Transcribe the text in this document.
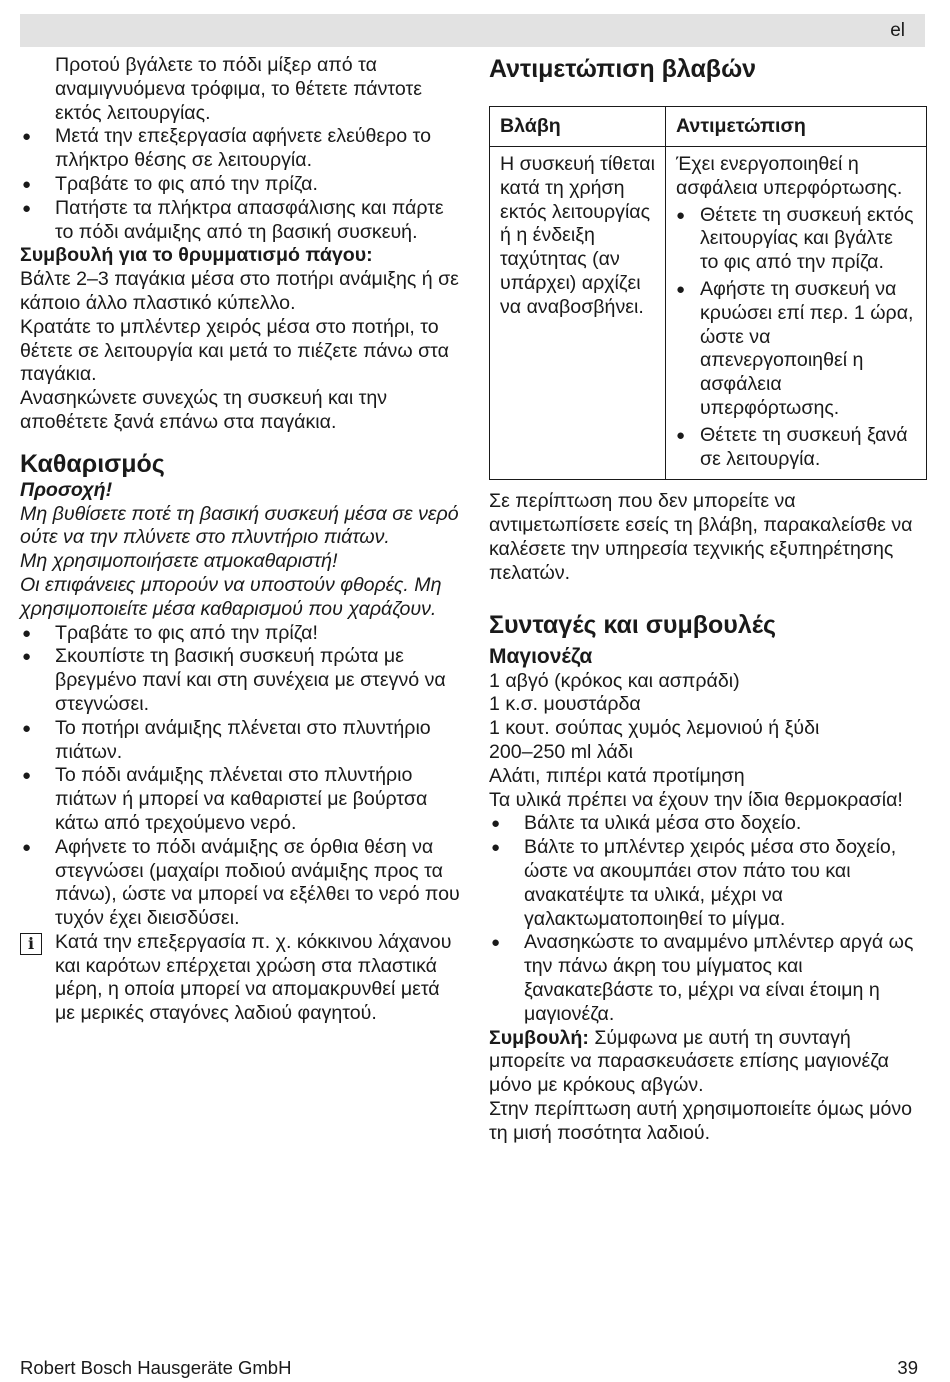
el

Προτού βγάλετε το πόδι μίξερ από τα αναμιγνυόμενα τρόφιμα, το θέτετε πάντοτε εκτός λειτουργίας.

● Μετά την επεξεργασία αφήνετε ελεύθερο το πλήκτρο θέσης σε λειτουργία.
● Τραβάτε το φις από την πρίζα.
● Πατήστε τα πλήκτρα απασφάλισης και πάρτε το πόδι ανάμιξης από τη βασική συσκευή.

Συμβουλή για το θρυμματισμό πάγου:

Βάλτε 2–3 παγάκια μέσα στο ποτήρι ανάμιξης ή σε κάποιο άλλο πλαστικό κύπελλο.

Κρατάτε το μπλέντερ χειρός μέσα στο ποτήρι, το θέτετε σε λειτουργία και μετά το πιέζετε πάνω στα παγάκια.

Ανασηκώνετε συνεχώς τη συσκευή και την αποθέτετε ξανά επάνω στα παγάκια.

Καθαρισμός

Προσοχή!

Μη βυθίσετε ποτέ τη βασική συσκευή μέσα σε νερό ούτε να την πλύνετε στο πλυντήριο πιάτων.

Μη χρησιμοποιήσετε ατμοκαθαριστή!

Οι επιφάνειες μπορούν να υποστούν φθορές. Μη χρησιμοποιείτε μέσα καθαρισμού που χαράζουν.

● Τραβάτε το φις από την πρίζα!
● Σκουπίστε τη βασική συσκευή πρώτα με βρεγμένο πανί και στη συνέχεια με στεγνό να στεγνώσει.
● Το ποτήρι ανάμιξης πλένεται στο πλυντήριο πιάτων.
● Το πόδι ανάμιξης πλένεται στο πλυντήριο πιάτων ή μπορεί να καθαριστεί με βούρτσα κάτω από τρεχούμενο νερό.
● Αφήνετε το πόδι ανάμιξης σε όρθια θέση να στεγνώσει (μαχαίρι ποδιού ανάμιξης προς τα πάνω), ώστε να μπορεί να εξέλθει το νερό που τυχόν έχει διεισδύσει.
i	Κατά την επεξεργασία π. χ. κόκκινου λάχανου και καρότων επέρχεται χρώση στα πλαστικά μέρη, η οποία μπορεί να απομακρυνθεί μετά με μερικές σταγόνες λαδιού φαγητού.

Αντιμετώπιση βλαβών
Βλάβη	Αντιμετώπιση
Η συσκευή τίθεται κατά τη χρήση εκτός λειτουργίας ή η ένδειξη ταχύτητας (αν υπάρχει) αρχίζει να αναβοσβήνει.	Έχει ενεργοποιηθεί η ασφάλεια υπερφόρτωσης.
● Θέτετε τη συσκευή εκτός λειτουργίας και βγάλτε το φις από την πρίζα.
● Αφήστε τη συσκευή να κρυώσει επί περ. 1 ώρα, ώστε να απενεργοποιηθεί η ασφάλεια υπερφόρτωσης.
● Θέτετε τη συσκευή ξανά σε λειτουργία.

Σε περίπτωση που δεν μπορείτε να αντιμετωπίσετε εσείς τη βλάβη, παρακαλείσθε να καλέσετε την υπηρεσία τεχνικής εξυπηρέτησης πελατών.

Συνταγές και συμβουλές
Μαγιονέζα

1 αβγό (κρόκος και ασπράδι)

1 κ.σ. μουστάρδα

1 κουτ. σούπας χυμός λεμονιού ή ξύδι

200–250 ml λάδι

Αλάτι, πιπέρι κατά προτίμηση

Τα υλικά πρέπει να έχουν την ίδια θερμοκρασία!

● Βάλτε τα υλικά μέσα στο δοχείο.
● Βάλτε το μπλέντερ χειρός μέσα στο δοχείο, ώστε να ακουμπάει στον πάτο του και ανακατέψτε τα υλικά, μέχρι να γαλακτωματοποιηθεί το μίγμα.
● Ανασηκώστε το αναμμένο μπλέντερ αργά ως την πάνω άκρη του μίγματος και ξανακατεβάστε το, μέχρι να είναι έτοιμη η μαγιονέζα.

Συμβουλή: Σύμφωνα με αυτή τη συνταγή μπορείτε να παρασκευάσετε επίσης μαγιονέζα μόνο με κρόκους αβγών.

Στην περίπτωση αυτή χρησιμοποιείτε όμως μόνο τη μισή ποσότητα λαδιού.

Robert Bosch Hausgeräte GmbH	39
